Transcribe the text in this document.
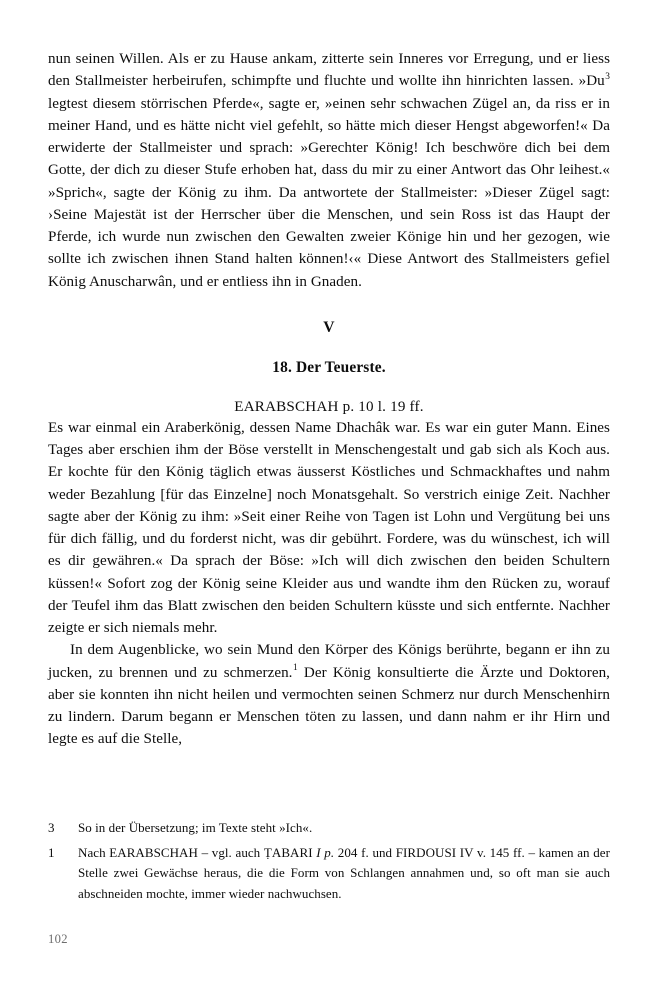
nun seinen Willen. Als er zu Hause ankam, zitterte sein Inneres vor Erregung, und er liess den Stallmeister herbeirufen, schimpfte und fluchte und wollte ihn hinrichten lassen. »Du$^3$ legtest diesem störrischen Pferde«, sagte er, »einen sehr schwachen Zügel an, da riss er in meiner Hand, und es hätte nicht viel gefehlt, so hätte mich dieser Hengst abgeworfen!« Da erwiderte der Stallmeister und sprach: »Gerechter König! Ich beschwöre dich bei dem Gotte, der dich zu dieser Stufe erhoben hat, dass du mir zu einer Antwort das Ohr leihest.« »Sprich«, sagte der König zu ihm. Da antwortete der Stallmeister: »Dieser Zügel sagt: ›Seine Majestät ist der Herrscher über die Menschen, und sein Ross ist das Haupt der Pferde, ich wurde nun zwischen den Gewalten zweier Könige hin und her gezogen, wie sollte ich zwischen ihnen Stand halten können!‹« Diese Antwort des Stallmeisters gefiel König Anuscharwân, und er entliess ihn in Gnaden.

V
18. Der Teuerste.
EARABSCHAH p. 10 l. 19 ff.

Es war einmal ein Araberkönig, dessen Name Dhachâk war. Es war ein guter Mann. Eines Tages aber erschien ihm der Böse verstellt in Menschengestalt und gab sich als Koch aus. Er kochte für den König täglich etwas äusserst Köstliches und Schmackhaftes und nahm weder Bezahlung [für das Einzelne] noch Monatsgehalt. So verstrich einige Zeit. Nachher sagte aber der König zu ihm: »Seit einer Reihe von Tagen ist Lohn und Vergütung bei uns für dich fällig, und du forderst nicht, was dir gebührt. Fordere, was du wünschest, ich will es dir gewähren.« Da sprach der Böse: »Ich will dich zwischen den beiden Schultern küssen!« Sofort zog der König seine Kleider aus und wandte ihm den Rücken zu, worauf der Teufel ihm das Blatt zwischen den beiden Schultern küsste und sich entfernte. Nachher zeigte er sich niemals mehr.

In dem Augenblicke, wo sein Mund den Körper des Königs berührte, begann er ihn zu jucken, zu brennen und zu schmerzen.$^1$ Der König konsultierte die Ärzte und Doktoren, aber sie konnten ihn nicht heilen und vermochten seinen Schmerz nur durch Menschenhirn zu lindern. Darum begann er Menschen töten zu lassen, und dann nahm er ihr Hirn und legte es auf die Stelle,

3	So in der Übersetzung; im Texte steht »Ich«.
1	Nach EARABSCHAH – vgl. auch ṬABARI I p. 204 f. und FIRDOUSI IV v. 145 ff. – kamen an der Stelle zwei Gewächse heraus, die die Form von Schlangen annahmen und, so oft man sie auch abschneiden mochte, immer wieder nachwuchsen.
102
